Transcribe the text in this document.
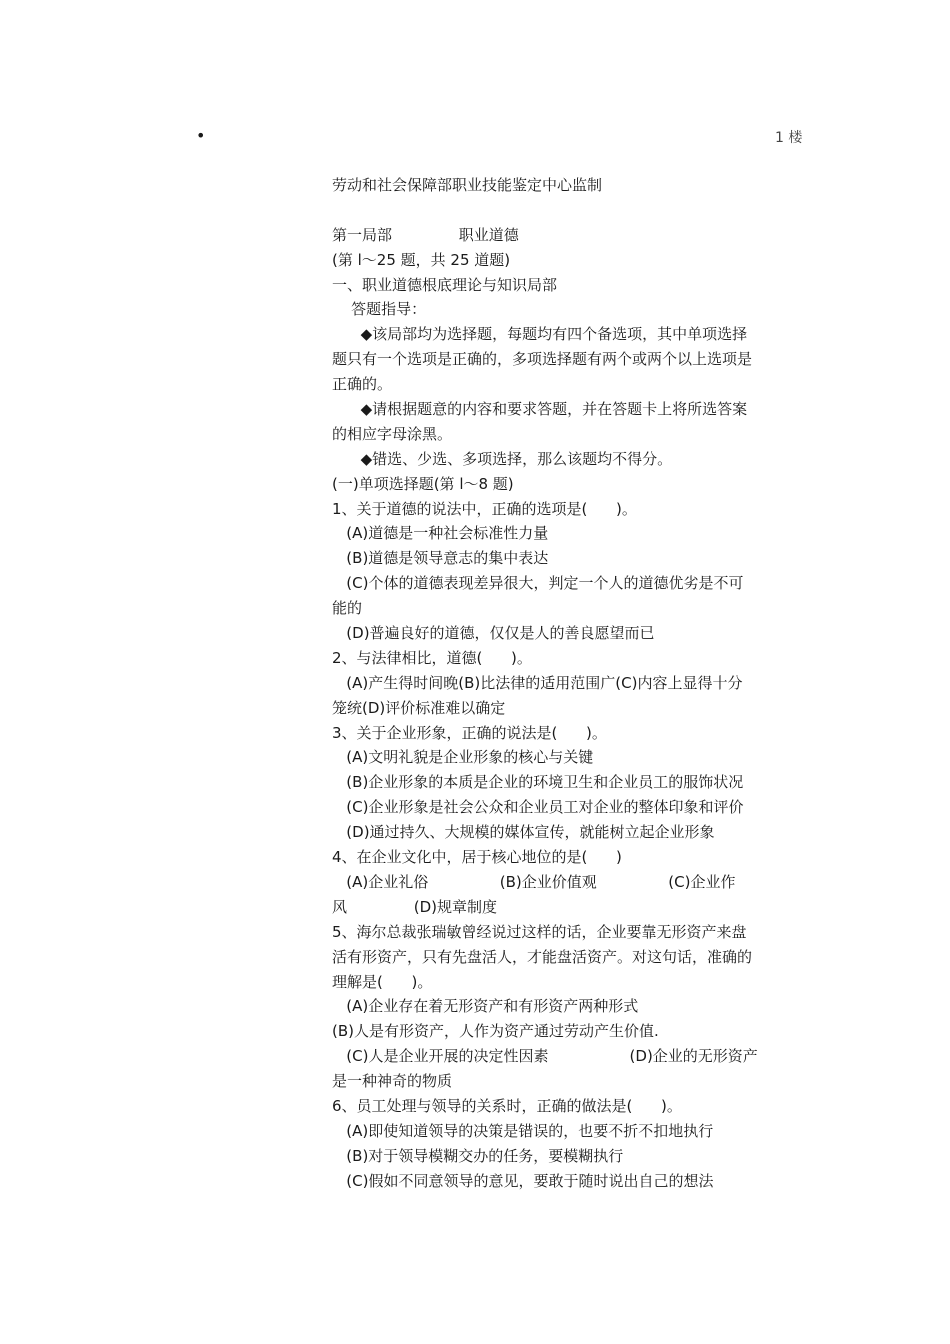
•	1 楼
劳动和社会保障部职业技能鉴定中心监制
第一局部              职业道德
(第 l～25 题，共 25 道题)
一、职业道德根底理论与知识局部
答题指导：
◆该局部均为选择题，每题均有四个备选项，其中单项选择
题只有一个选项是正确的，多项选择题有两个或两个以上选项是
正确的。
◆请根据题意的内容和要求答题，并在答题卡上将所选答案
的相应字母涂黑。
◆错选、少选、多项选择，那么该题均不得分。
(一)单项选择题(第 l～8 题)
1、关于道德的说法中，正确的选项是(      )。
(A)道德是一种社会标准性力量
(B)道德是领导意志的集中表达
(C)个体的道德表现差异很大，判定一个人的道德优劣是不可
能的
(D)普遍良好的道德，仅仅是人的善良愿望而已
2、与法律相比，道德(      )。
(A)产生得时间晚(B)比法律的适用范围广(C)内容上显得十分
笼统(D)评价标准难以确定
3、关于企业形象，正确的说法是(      )。
(A)文明礼貌是企业形象的核心与关键
(B)企业形象的本质是企业的环境卫生和企业员工的服饰状况
(C)企业形象是社会公众和企业员工对企业的整体印象和评价
(D)通过持久、大规模的媒体宣传，就能树立起企业形象
4、在企业文化中，居于核心地位的是(      )
(A)企业礼俗               (B)企业价值观               (C)企业作
风              (D)规章制度
5、海尔总裁张瑞敏曾经说过这样的话，企业要靠无形资产来盘
活有形资产，只有先盘活人，才能盘活资产。对这句话，准确的
理解是(      )。
(A)企业存在着无形资产和有形资产两种形式
(B)人是有形资产，人作为资产通过劳动产生价值.
(C)人是企业开展的决定性因素                 (D)企业的无形资产
是一种神奇的物质
6、员工处理与领导的关系时，正确的做法是(      )。
(A)即使知道领导的决策是错误的，也要不折不扣地执行
(B)对于领导模糊交办的任务，要模糊执行
(C)假如不同意领导的意见，要敢于随时说出自己的想法
